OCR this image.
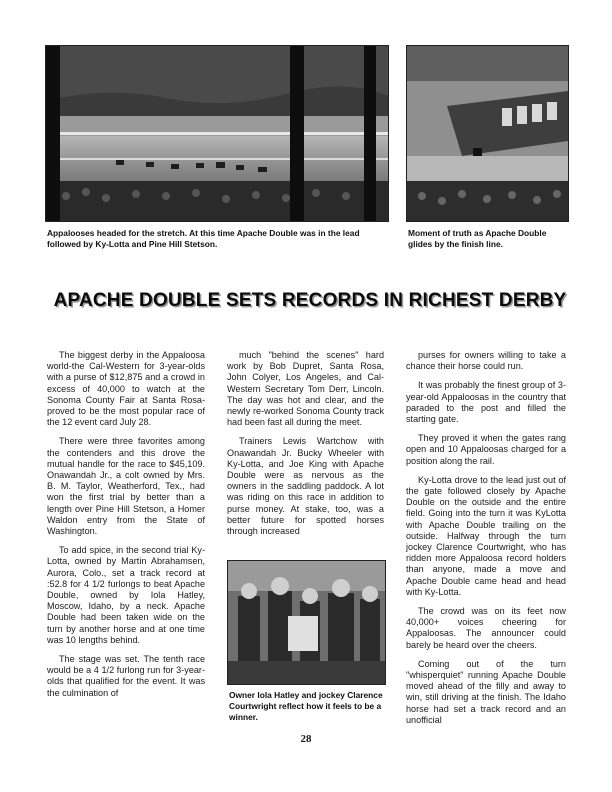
Appalooses headed for the stretch. At this time Apache Double was in the lead followed by Ky-Lotta and Pine Hill Stetson.
Moment of truth as Apache Double glides by the finish line.
APACHE DOUBLE SETS RECORDS IN RICHEST DERBY

The biggest derby in the Appaloosa world-the Cal-Western for 3-year-olds with a purse of $12,875 and a crowd in excess of 40,000 to watch at the Sonoma County Fair at Santa Rosa-proved to be the most popular race of the 12 event card July 28.

There were three favorites among the contenders and this drove the mutual handle for the race to $45,109. Onawandah Jr., a colt owned by Mrs. B. M. Taylor, Weatherford, Tex., had won the first trial by better than a length over Pine Hill Stetson, a Homer Waldon entry from the State of Washington.

To add spice, in the second trial Ky-Lotta, owned by Martin Abrahamsen, Aurora, Colo., set a track record at :52.8 for 4 1/2 furlongs to beat Apache Double, owned by Iola Hatley, Moscow, Idaho, by a neck. Apache Double had been taken wide on the turn by another horse and at one time was 10 lengths behind.

The stage was set. The tenth race would be a 4 1/2 furlong run for 3-year-olds that qualified for the event. It was the culmination of

much "behind the scenes" hard work by Bob Dupret, Santa Rosa, John Colyer, Los Angeles, and Cal-Western Secretary Tom Derr, Lincoln. The day was hot and clear, and the newly re-worked Sonoma County track had been fast all during the meet.

Trainers Lewis Wartchow with Onawandah Jr. Bucky Wheeler with Ky-Lotta, and Joe King with Apache Double were as nervous as the owners in the saddling paddock. A lot was riding on this race in addition to purse money. At stake, too, was a better future for spotted horses through increased

Owner Iola Hatley and jockey Clarence Courtwright reflect how it feels to be a winner.

purses for owners willing to take a chance their horse could run.

It was probably the finest group of 3-year-old Appaloosas in the country that paraded to the post and filled the starting gate.

They proved it when the gates rang open and 10 Appaloosas charged for a position along the rail.

Ky-Lotta drove to the lead just out of the gate followed closely by Apache Double on the outside and the entire field. Going into the turn it was KyLotta with Apache Double trailing on the outside. Halfway through the turn jockey Clarence Courtwright, who has ridden more Appaloosa record holders than anyone, made a move and Apache Double came head and head with Ky-Lotta.

The crowd was on its feet now 40,000+ voices cheering for Appaloosas. The announcer could barely be heard over the cheers.

Coming out of the turn "whisperquiet" running Apache Double moved ahead of the filly and away to win, still driving at the finish. The Idaho horse had set a track record and an unofficial

28
